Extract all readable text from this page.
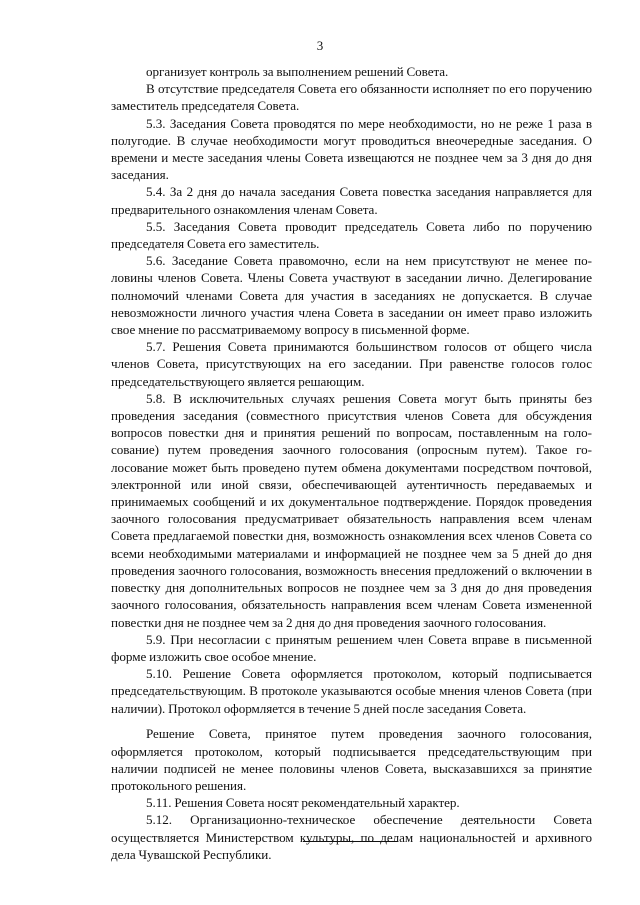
3

организует контроль за выполнением решений Совета.

В отсутствие председателя Совета его обязанности исполняет по его поручению заместитель председателя Совета.

5.3. Заседания Совета проводятся по мере необходимости, но не реже 1 раза в полугодие. В случае необходимости могут проводиться внеочередные заседания. О времени и месте заседания члены Совета извещаются не позднее чем за 3 дня до дня заседания.

5.4. За 2 дня до начала заседания Совета повестка заседания направляется для предварительного ознакомления членам Совета.

5.5. Заседания Совета проводит председатель Совета либо по поручению председателя Совета его заместитель.

5.6. Заседание Совета правомочно, если на нем присутствуют не менее половины членов Совета. Члены Совета участвуют в заседании лично. Делегирование полномочий членами Совета для участия в заседаниях не допускается. В случае невозможности личного участия члена Совета в заседании он имеет право изложить свое мнение по рассматриваемому вопросу в письменной форме.

5.7. Решения Совета принимаются большинством голосов от общего числа членов Совета, присутствующих на его заседании. При равенстве голосов голос председательствующего является решающим.

5.8. В исключительных случаях решения Совета могут быть приняты без проведения заседания (совместного присутствия членов Совета для обсуждения вопросов повестки дня и принятия решений по вопросам, поставленным на голосование) путем проведения заочного голосования (опросным путем). Такое голосование может быть проведено путем обмена документами посредством почтовой, электронной или иной связи, обеспечивающей аутентичность передаваемых и принимаемых сообщений и их документальное подтверждение. Порядок проведения заочного голосования предусматривает обязательность направления всем членам Совета предлагаемой повестки дня, возможность ознакомления всех членов Совета со всеми необходимыми материалами и информацией не позднее чем за 5 дней до дня проведения заочного голосования, возможность внесения предложений о включении в повестку дня дополнительных вопросов не позднее чем за 3 дня до дня проведения заочного голосования, обязательность направления всем членам Совета измененной повестки дня не позднее чем за 2 дня до дня проведения заочного голосования.

5.9. При несогласии с принятым решением член Совета вправе в письменной форме изложить свое особое мнение.

5.10. Решение Совета оформляется протоколом, который подписывается председательствующим. В протоколе указываются особые мнения членов Совета (при наличии). Протокол оформляется в течение 5 дней после заседания Совета.

Решение Совета, принятое путем проведения заочного голосования, оформляется протоколом, который подписывается председательствующим при наличии подписей не менее половины членов Совета, высказавшихся за принятие протокольного решения.

5.11. Решения Совета носят рекомендательный характер.

5.12. Организационно-техническое обеспечение деятельности Совета осуществляется Министерством культуры, по делам национальностей и архивного дела Чувашской Республики.
